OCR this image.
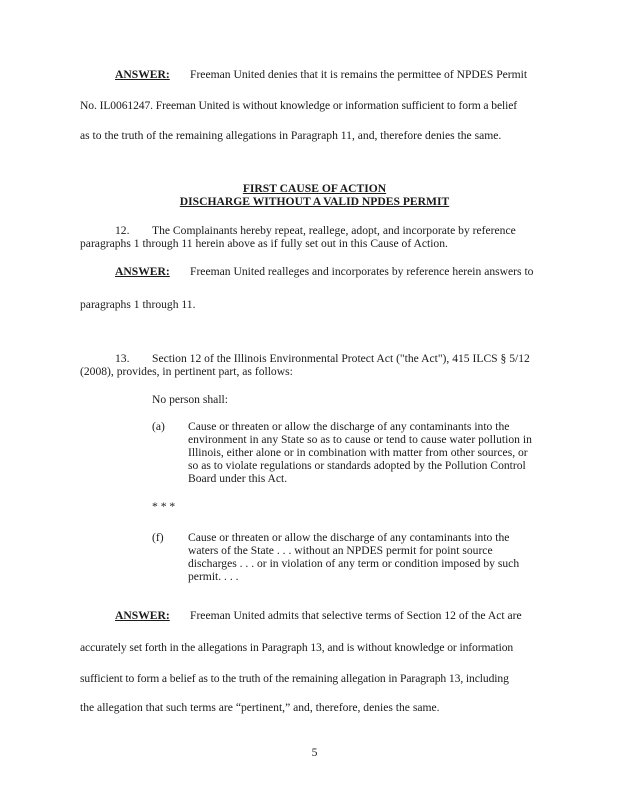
ANSWER: Freeman United denies that it is remains the permittee of NPDES Permit
No. IL0061247. Freeman United is without knowledge or information sufficient to form a belief
as to the truth of the remaining allegations in Paragraph 11, and, therefore denies the same.
FIRST CAUSE OF ACTION
DISCHARGE WITHOUT A VALID NPDES PERMIT
12. The Complainants hereby repeat, reallege, adopt, and incorporate by reference
paragraphs 1 through 11 herein above as if fully set out in this Cause of Action.
ANSWER: Freeman United realleges and incorporates by reference herein answers to
paragraphs 1 through 11.
13. Section 12 of the Illinois Environmental Protect Act ("the Act"), 415 ILCS § 5/12
(2008), provides, in pertinent part, as follows:
No person shall:
(a) Cause or threaten or allow the discharge of any contaminants into the
environment in any State so as to cause or tend to cause water pollution in
Illinois, either alone or in combination with matter from other sources, or
so as to violate regulations or standards adopted by the Pollution Control
Board under this Act.
* * *
(f) Cause or threaten or allow the discharge of any contaminants into the
waters of the State . . . without an NPDES permit for point source
discharges . . . or in violation of any term or condition imposed by such
permit. . . .
ANSWER: Freeman United admits that selective terms of Section 12 of the Act are
accurately set forth in the allegations in Paragraph 13, and is without knowledge or information
sufficient to form a belief as to the truth of the remaining allegation in Paragraph 13, including
the allegation that such terms are “pertinent,” and, therefore, denies the same.
5
